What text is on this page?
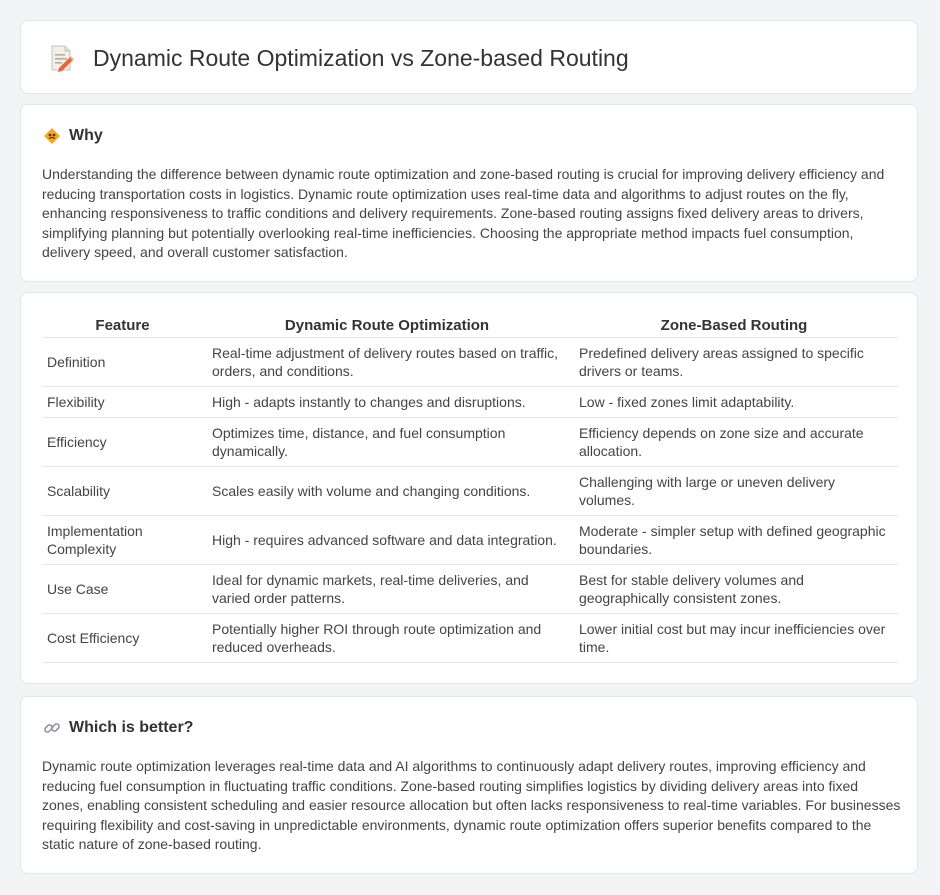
Dynamic Route Optimization vs Zone-based Routing
Why

Understanding the difference between dynamic route optimization and zone-based routing is crucial for improving delivery efficiency and reducing transportation costs in logistics. Dynamic route optimization uses real-time data and algorithms to adjust routes on the fly, enhancing responsiveness to traffic conditions and delivery requirements. Zone-based routing assigns fixed delivery areas to drivers, simplifying planning but potentially overlooking real-time inefficiencies. Choosing the appropriate method impacts fuel consumption, delivery speed, and overall customer satisfaction.

Feature	Dynamic Route Optimization	Zone-Based Routing
Definition	Real-time adjustment of delivery routes based on traffic, orders, and conditions.	Predefined delivery areas assigned to specific drivers or teams.
Flexibility	High - adapts instantly to changes and disruptions.	Low - fixed zones limit adaptability.
Efficiency	Optimizes time, distance, and fuel consumption dynamically.	Efficiency depends on zone size and accurate allocation.
Scalability	Scales easily with volume and changing conditions.	Challenging with large or uneven delivery volumes.
Implementation Complexity	High - requires advanced software and data integration.	Moderate - simpler setup with defined geographic boundaries.
Use Case	Ideal for dynamic markets, real-time deliveries, and varied order patterns.	Best for stable delivery volumes and geographically consistent zones.
Cost Efficiency	Potentially higher ROI through route optimization and reduced overheads.	Lower initial cost but may incur inefficiencies over time.
Which is better?

Dynamic route optimization leverages real-time data and AI algorithms to continuously adapt delivery routes, improving efficiency and reducing fuel consumption in fluctuating traffic conditions. Zone-based routing simplifies logistics by dividing delivery areas into fixed zones, enabling consistent scheduling and easier resource allocation but often lacks responsiveness to real-time variables. For businesses requiring flexibility and cost-saving in unpredictable environments, dynamic route optimization offers superior benefits compared to the static nature of zone-based routing.
